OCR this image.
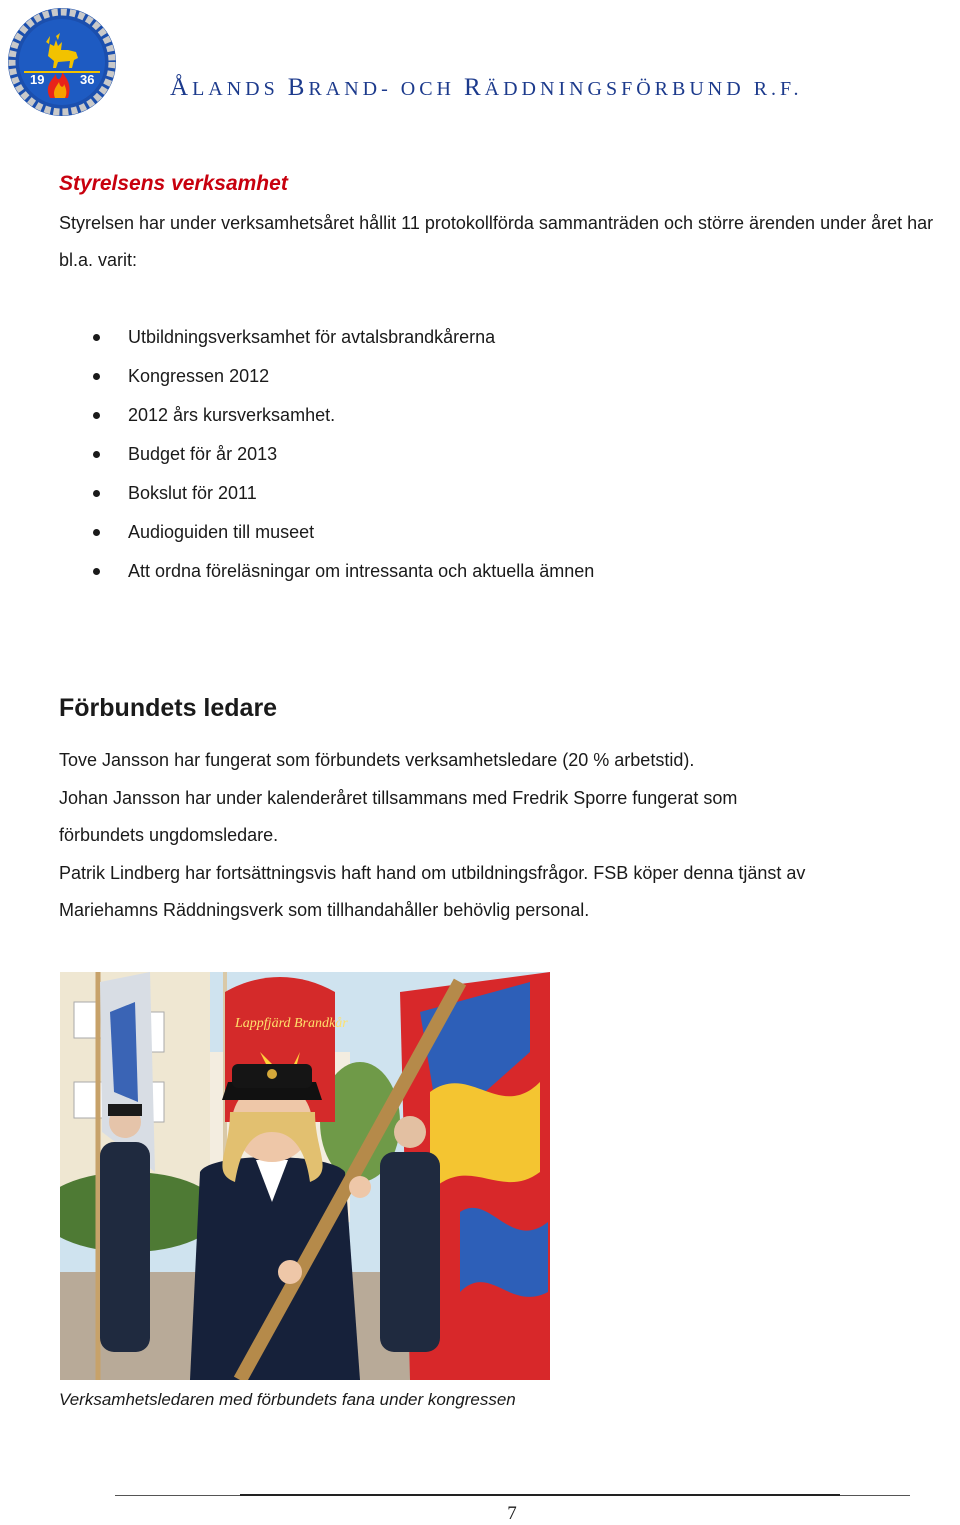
19	36	ÅLANDS BRAND- OCH RÄDDNINGSFÖRBUND R.F.
Styrelsens verksamhet

Styrelsen har under verksamhetsåret hållit 11 protokollförda sammanträden och större ärenden under året har bl.a. varit:

Utbildningsverksamhet för avtalsbrandkårerna
Kongressen 2012
2012 års kursverksamhet.
Budget för år 2013
Bokslut för 2011
Audioguiden till museet
Att ordna föreläsningar om intressanta och aktuella ämnen
Förbundets ledare
Tove Jansson har fungerat som förbundets verksamhetsledare (20 % arbetstid).
Johan Jansson har under kalenderåret tillsammans med Fredrik Sporre fungerat som
förbundets ungdomsledare.
Patrik Lindberg har fortsättningsvis haft hand om utbildningsfrågor. FSB köper denna tjänst av
Mariehamns Räddningsverk som tillhandahåller behövlig personal.
Lappfjärd Brandkår

Verksamhetsledaren med förbundets fana under kongressen

7
